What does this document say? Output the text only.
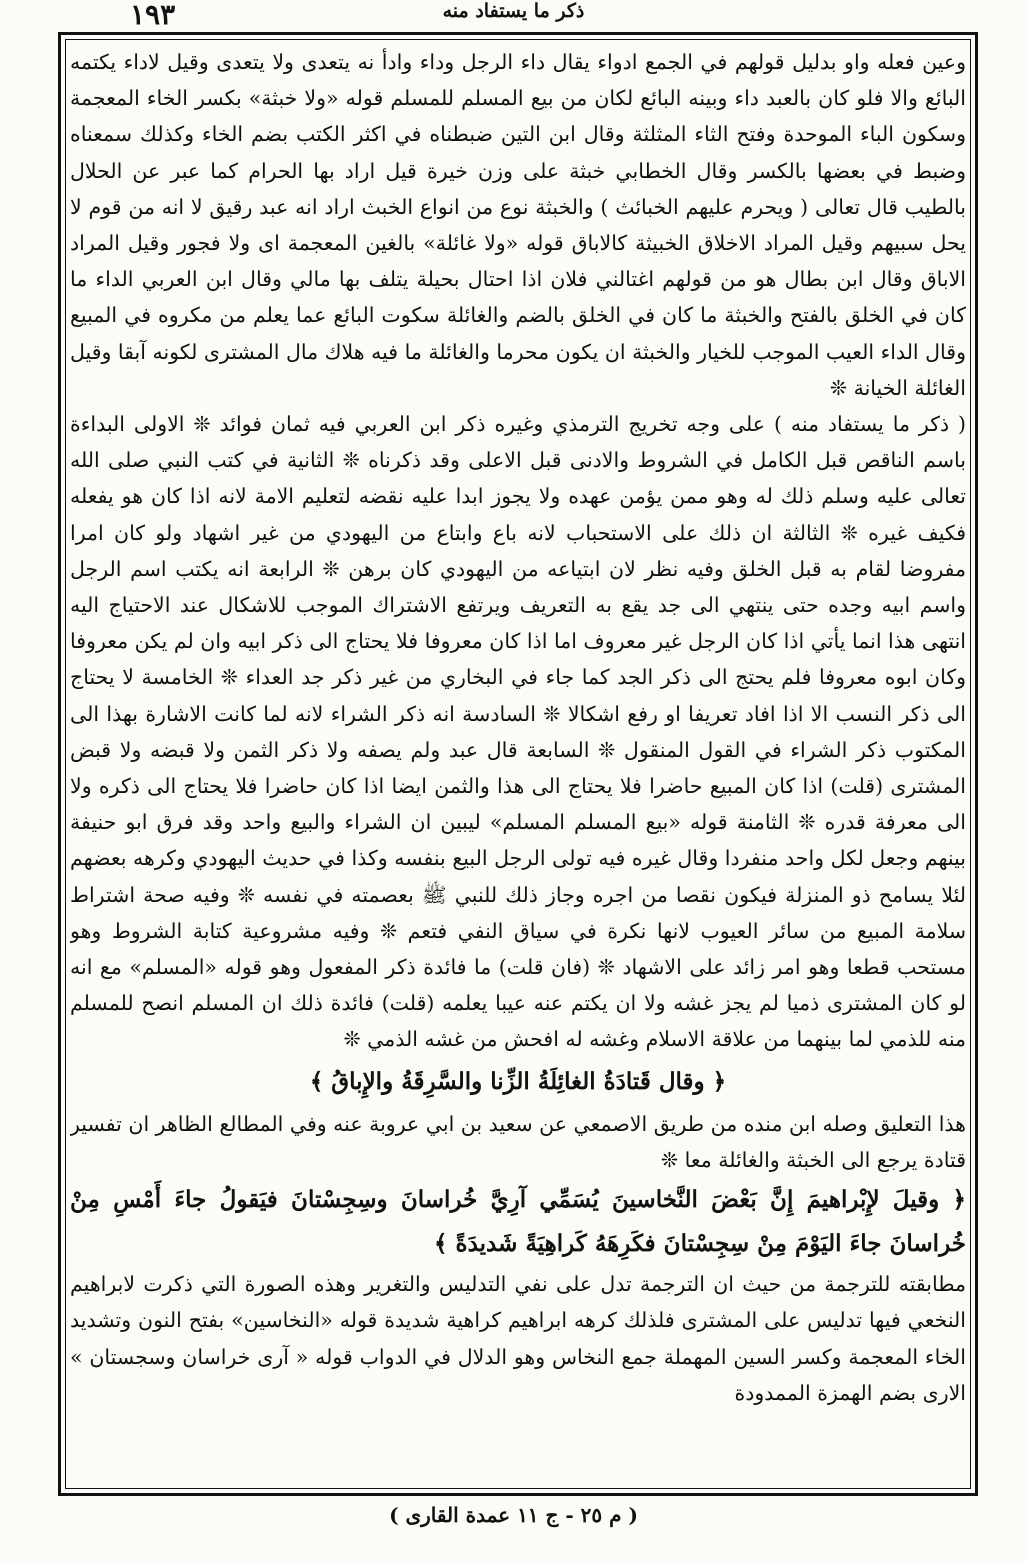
١٩٣	ذكر ما يستفاد منه

وعين فعله واو بدليل قولهم في الجمع ادواء يقال داء الرجل وداء وادأ نه يتعدى ولا يتعدى وقيل لاداء يكتمه البائع والا فلو كان بالعبد داء وبينه البائع لكان من بيع المسلم للمسلم قوله «ولا خبثة» بكسر الخاء المعجمة وسكون الباء الموحدة وفتح الثاء المثلثة وقال ابن التين ضبطناه في اكثر الكتب بضم الخاء وكذلك سمعناه وضبط في بعضها بالكسر وقال الخطابي خبثة على وزن خيرة قيل اراد بها الحرام كما عبر عن الحلال بالطيب قال تعالى ( ويحرم عليهم الخبائث ) والخبثة نوع من انواع الخبث اراد انه عبد رقيق لا انه من قوم لا يحل سبيهم وقيل المراد الاخلاق الخبيثة كالاباق قوله «ولا غائلة» بالغين المعجمة اى ولا فجور وقيل المراد الاباق وقال ابن بطال هو من قولهم اغتالني فلان اذا احتال بحيلة يتلف بها مالي وقال ابن العربي الداء ما كان في الخلق بالفتح والخبثة ما كان في الخلق بالضم والغائلة سكوت البائع عما يعلم من مكروه في المبيع وقال الداء العيب الموجب للخيار والخبثة ان يكون محرما والغائلة ما فيه هلاك مال المشترى لكونه آبقا وقيل الغائلة الخيانة ❊

( ذكر ما يستفاد منه ) على وجه تخريج الترمذي وغيره ذكر ابن العربي فيه ثمان فوائد ❊ الاولى البداءة باسم الناقص قبل الكامل في الشروط والادنى قبل الاعلى وقد ذكرناه ❊ الثانية في كتب النبي صلى الله تعالى عليه وسلم ذلك له وهو ممن يؤمن عهده ولا يجوز ابدا عليه نقضه لتعليم الامة لانه اذا كان هو يفعله فكيف غيره ❊ الثالثة ان ذلك على الاستحباب لانه باع وابتاع من اليهودي من غير اشهاد ولو كان امرا مفروضا لقام به قبل الخلق وفيه نظر لان ابتياعه من اليهودي كان برهن ❊ الرابعة انه يكتب اسم الرجل واسم ابيه وجده حتى ينتهي الى جد يقع به التعريف ويرتفع الاشتراك الموجب للاشكال عند الاحتياج اليه انتهى هذا انما يأتي اذا كان الرجل غير معروف اما اذا كان معروفا فلا يحتاج الى ذكر ابيه وان لم يكن معروفا وكان ابوه معروفا فلم يحتج الى ذكر الجد كما جاء في البخاري من غير ذكر جد العداء ❊ الخامسة لا يحتاج الى ذكر النسب الا اذا افاد تعريفا او رفع اشكالا ❊ السادسة انه ذكر الشراء لانه لما كانت الاشارة بهذا الى المكتوب ذكر الشراء في القول المنقول ❊ السابعة قال عبد ولم يصفه ولا ذكر الثمن ولا قبضه ولا قبض المشترى (قلت) اذا كان المبيع حاضرا فلا يحتاج الى هذا والثمن ايضا اذا كان حاضرا فلا يحتاج الى ذكره ولا الى معرفة قدره ❊ الثامنة قوله «بيع المسلم المسلم» ليبين ان الشراء والبيع واحد وقد فرق ابو حنيفة بينهم وجعل لكل واحد منفردا وقال غيره فيه تولى الرجل البيع بنفسه وكذا في حديث اليهودي وكرهه بعضهم لئلا يسامح ذو المنزلة فيكون نقصا من اجره وجاز ذلك للنبي ﷺ بعصمته في نفسه ❊ وفيه صحة اشتراط سلامة المبيع من سائر العيوب لانها نكرة في سياق النفي فتعم ❊ وفيه مشروعية كتابة الشروط وهو مستحب قطعا وهو امر زائد على الاشهاد ❊ (فان قلت) ما فائدة ذكر المفعول وهو قوله «المسلم» مع انه لو كان المشترى ذميا لم يجز غشه ولا ان يكتم عنه عيبا يعلمه (قلت) فائدة ذلك ان المسلم انصح للمسلم منه للذمي لما بينهما من علاقة الاسلام وغشه له افحش من غشه الذمي ❊

﴿ وقال قَتادَةُ الغائِلَةُ الزِّنا والسَّرِقَةُ والإِباقُ ﴾

هذا التعليق وصله ابن منده من طريق الاصمعي عن سعيد بن ابي عروبة عنه وفي المطالع الظاهر ان تفسير قتادة يرجع الى الخبثة والغائلة معا ❊

﴿ وقيلَ لإِبْراهيمَ إِنَّ بَعْضَ النَّخاسينَ يُسَمِّي آرِيَّ خُراسانَ وسِجِسْتانَ فيَقولُ جاءَ أَمْسِ مِنْ خُراسانَ جاءَ اليَوْمَ مِنْ سِجِسْتانَ فكَرِهَهُ كَراهِيَةً شَديدَةً ﴾

مطابقته للترجمة من حيث ان الترجمة تدل على نفي التدليس والتغرير وهذه الصورة التي ذكرت لابراهيم النخعي فيها تدليس على المشترى فلذلك كرهه ابراهيم كراهية شديدة قوله «النخاسين» بفتح النون وتشديد الخاء المعجمة وكسر السين المهملة جمع النخاس وهو الدلال في الدواب قوله « آرى خراسان وسجستان » الارى بضم الهمزة الممدودة

( م ٢٥ - ج ١١ عمدة القارى )
